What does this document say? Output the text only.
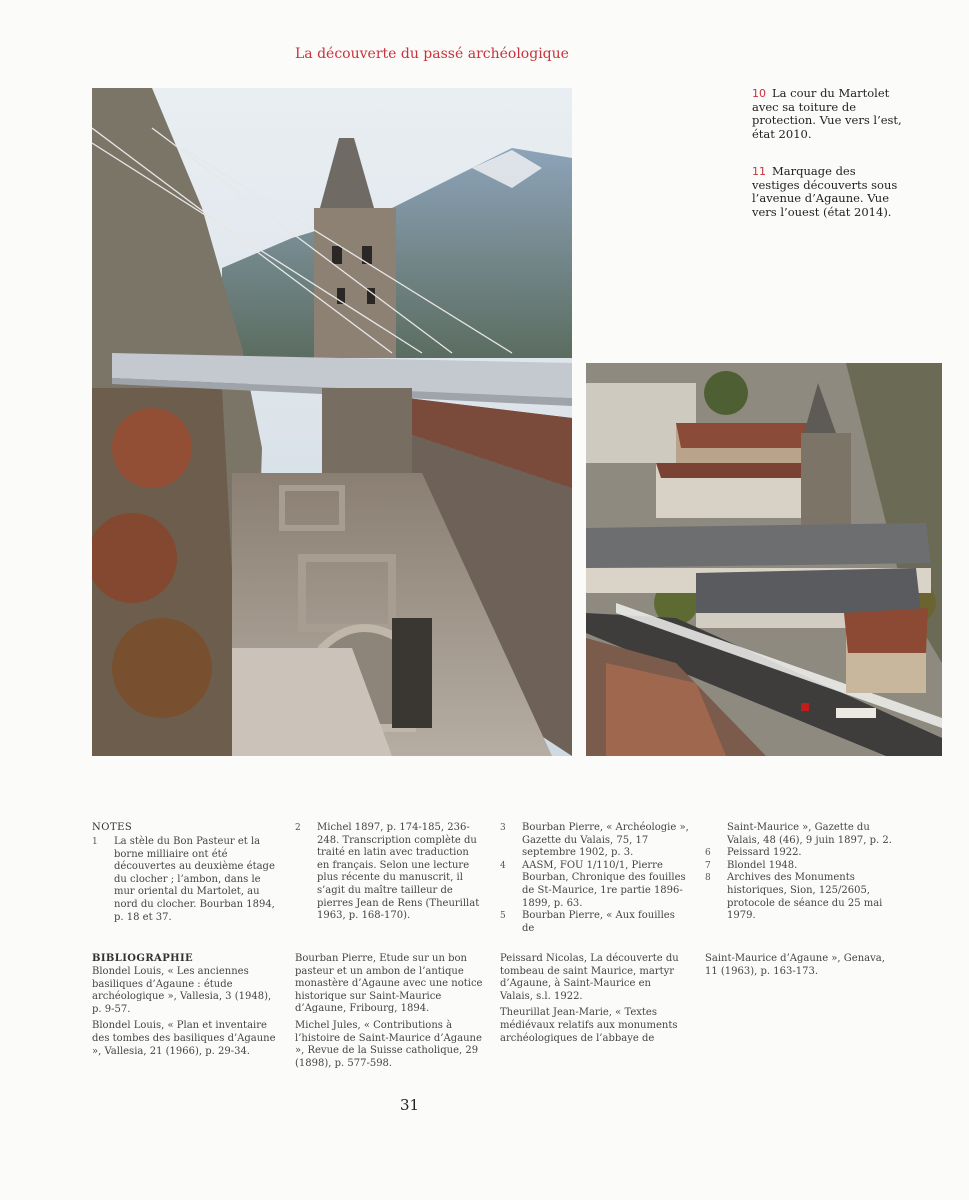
La découverte du passé archéologique
10 La cour du Martolet avec sa toiture de protection. Vue vers l’est, état 2010.
11 Marquage des vestiges découverts sous l’avenue d’Agaune. Vue vers l’ouest (état 2014).
NOTES
1	La stèle du Bon Pasteur et la borne milliaire ont été découvertes au deuxième étage du clocher ; l’ambon, dans le mur oriental du Martolet, au nord du clocher. Bourban 1894, p. 18 et 37.
2	Michel 1897, p. 174-185, 236-248. Transcription complète du traité en latin avec traduction en français. Selon une lecture plus récente du manuscrit, il s’agit du maître tailleur de pierres Jean de Rens (Theurillat 1963, p. 168-170).
3	Bourban Pierre, « Archéologie », Gazette du Valais, 75, 17 septembre 1902, p. 3.
4	AASM, FOU 1/110/1, Pierre Bourban, Chronique des fouilles de St-Maurice, 1re partie 1896-1899, p. 63.
5	Bourban Pierre, « Aux fouilles de
Saint-Maurice », Gazette du Valais, 48 (46), 9 juin 1897, p. 2.
6	Peissard 1922.
7	Blondel 1948.
8	Archives des Monuments historiques, Sion, 125/2605, protocole de séance du 25 mai 1979.
BIBLIOGRAPHIE
Blondel Louis, « Les anciennes basiliques d’Agaune : étude archéologique », Vallesia, 3 (1948), p. 9-57.
Blondel Louis, « Plan et inventaire des tombes des basiliques d’Agaune », Vallesia, 21 (1966), p. 29-34.
Bourban Pierre, Etude sur un bon pasteur et un ambon de l’antique monastère d’Agaune avec une notice historique sur Saint-Maurice d’Agaune, Fribourg, 1894.
Michel Jules, « Contributions à l’histoire de Saint-Maurice d’Agaune », Revue de la Suisse catholique, 29 (1898), p. 577-598.
Peissard Nicolas, La découverte du tombeau de saint Maurice, martyr d’Agaune, à Saint-Maurice en Valais, s.l. 1922.
Theurillat Jean-Marie, « Textes médiévaux relatifs aux monuments archéologiques de l’abbaye de
Saint-Maurice d’Agaune », Genava, 11 (1963), p. 163-173.
31
